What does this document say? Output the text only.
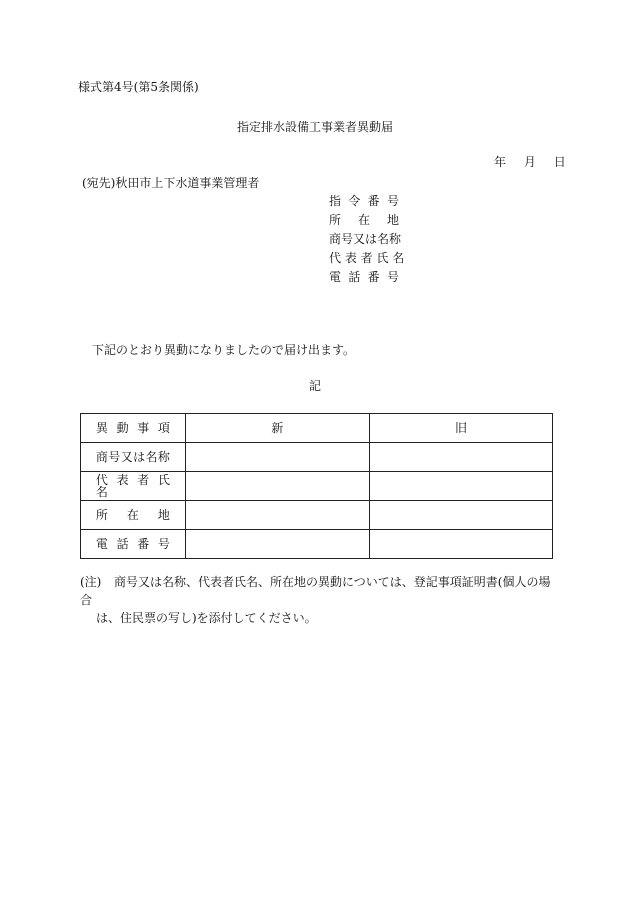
様式第4号(第5条関係)
指定排水設備工事業者異動届
年 月 日
(宛先)秋田市上下水道事業管理者
指 令 番 号
所　在　地
商号又は名称
代 表 者 氏 名
電 話 番 号
下記のとおり異動になりましたので届け出ます。
記
異 動 事 項	新	旧

商号又は名称		

代 表 者 氏 名		

所　在　地		

電 話 番 号		

(注) 商号又は名称、代表者氏名、所在地の異動については、登記事項証明書(個人の場合
は、住民票の写し)を添付してください。
